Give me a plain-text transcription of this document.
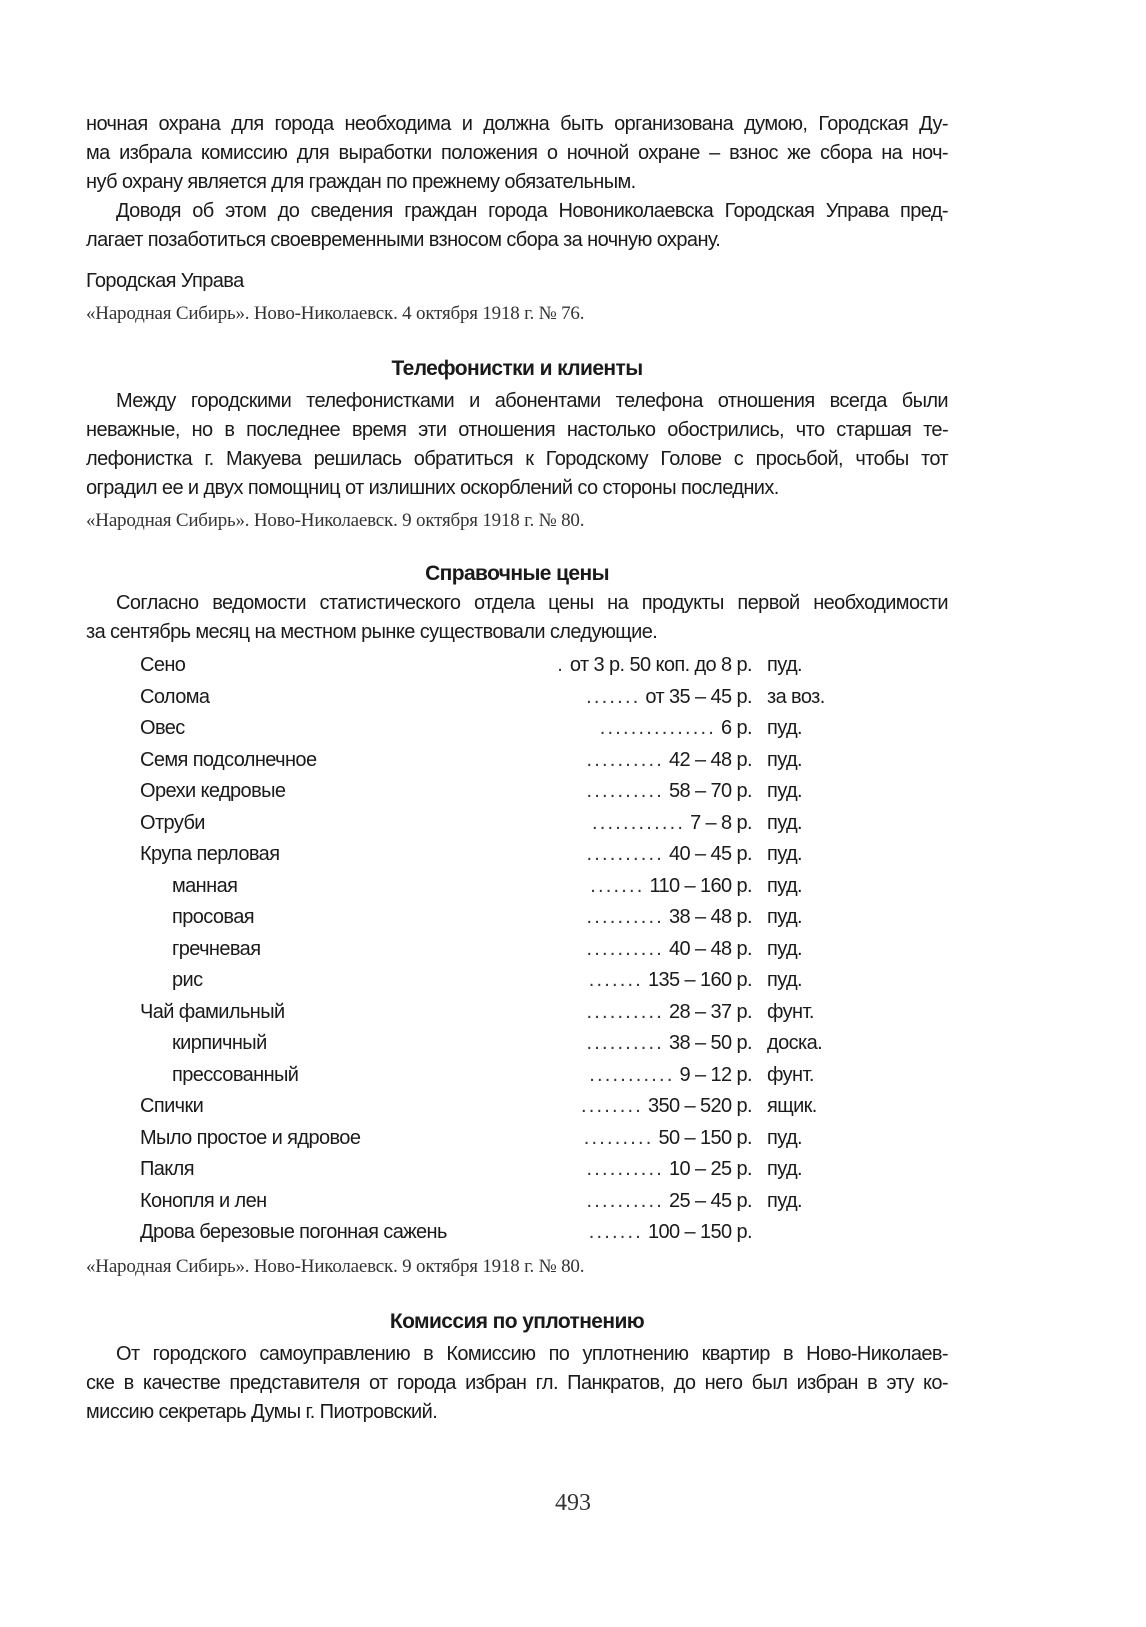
ночная охрана для города необходима и должна быть организована думою, Городская Ду-
ма избрала комиссию для выработки положения о ночной охране – взнос же сбора на ноч-
нуб охрану является для граждан по прежнему обязательным.

Доводя об этом до сведения граждан города Новониколаевска Городская Управа пред-
лагает позаботиться своевременными взносом сбора за ночную охрану.

Городская Управа

«Народная Сибирь». Ново-Николаевск. 4 октября 1918 г. № 76.

Телефонистки и клиенты

Между городскими телефонистками и абонентами телефона отношения всегда были
неважные, но в последнее время эти отношения настолько обострились, что старшая те-
лефонистка г. Макуева решилась обратиться к Городскому Голове с просьбой, чтобы тот
оградил ее и двух помощниц от излишних оскорблений со стороны последних.

«Народная Сибирь». Ново-Николаевск. 9 октября 1918 г. № 80.

Справочные цены

Согласно ведомости статистического отдела цены на продукты первой необходимости
за сентябрь месяц на местном рынке существовали следующие.

Сено	. от 3 р. 50 коп. до 8 р. пуд.
Солома	....... от 35 – 45 р. за воз.
Овес	............... 6 р. пуд.
Семя подсолнечное	.......... 42 – 48 р. пуд.
Орехи кедровые	.......... 58 – 70 р. пуд.
Отруби	............ 7 – 8 р. пуд.
Крупа перловая	.......... 40 – 45 р. пуд.
манная	....... 110 – 160 р. пуд.
просовая	.......... 38 – 48 р. пуд.
гречневая	.......... 40 – 48 р. пуд.
рис	....... 135 – 160 р. пуд.
Чай фамильный	.......... 28 – 37 р. фунт.
кирпичный	.......... 38 – 50 р. доска.
прессованный	........... 9 – 12 р. фунт.
Спички	........ 350 – 520 р. ящик.
Мыло простое и ядровое	......... 50 – 150 р. пуд.
Пакля	.......... 10 – 25 р. пуд.
Конопля и лен	.......... 25 – 45 р. пуд.
Дрова березовые погонная сажень	....... 100 – 150 р.

«Народная Сибирь». Ново-Николаевск. 9 октября 1918 г. № 80.

Комиссия по уплотнению

От городского самоуправлению в Комиссию по уплотнению квартир в Ново-Николаев-
ске в качестве представителя от города избран гл. Панкратов, до него был избран в эту ко-
миссию секретарь Думы г. Пиотровский.

493
